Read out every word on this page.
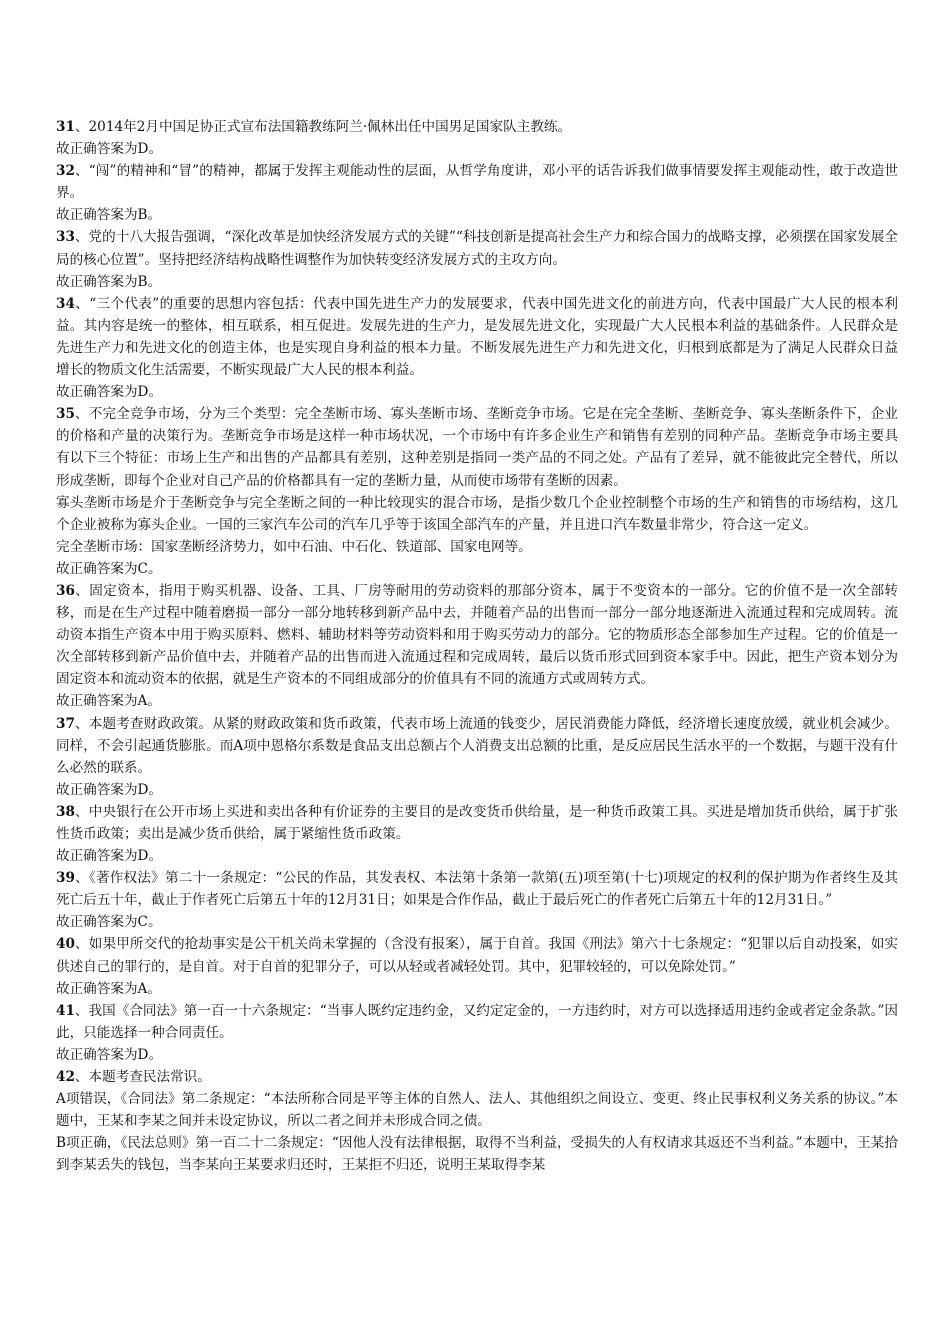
31、2014年2月中国足协正式宣布法国籍教练阿兰·佩林出任中国男足国家队主教练。

故正确答案为D。

32、“闯”的精神和“冒”的精神，都属于发挥主观能动性的层面，从哲学角度讲，邓小平的话告诉我们做事情要发挥主观能动性，敢于改造世界。

故正确答案为B。

33、党的十八大报告强调，“深化改革是加快经济发展方式的关键”“科技创新是提高社会生产力和综合国力的战略支撑，必须摆在国家发展全局的核心位置”。坚持把经济结构战略性调整作为加快转变经济发展方式的主攻方向。

故正确答案为B。

34、“三个代表”的重要的思想内容包括：代表中国先进生产力的发展要求，代表中国先进文化的前进方向，代表中国最广大人民的根本利益。其内容是统一的整体，相互联系，相互促进。发展先进的生产力，是发展先进文化，实现最广大人民根本利益的基础条件。人民群众是先进生产力和先进文化的创造主体，也是实现自身利益的根本力量。不断发展先进生产力和先进文化，归根到底都是为了满足人民群众日益增长的物质文化生活需要，不断实现最广大人民的根本利益。

故正确答案为D。

35、不完全竞争市场，分为三个类型：完全垄断市场、寡头垄断市场、垄断竞争市场。它是在完全垄断、垄断竞争、寡头垄断条件下，企业的价格和产量的决策行为。垄断竞争市场是这样一种市场状况，一个市场中有许多企业生产和销售有差别的同种产品。垄断竞争市场主要具有以下三个特征：市场上生产和出售的产品都具有差别，这种差别是指同一类产品的不同之处。产品有了差异，就不能彼此完全替代，所以形成垄断，即每个企业对自己产品的价格都具有一定的垄断力量，从而使市场带有垄断的因素。

寡头垄断市场是介于垄断竞争与完全垄断之间的一种比较现实的混合市场，是指少数几个企业控制整个市场的生产和销售的市场结构，这几个企业被称为寡头企业。一国的三家汽车公司的汽车几乎等于该国全部汽车的产量，并且进口汽车数量非常少，符合这一定义。

完全垄断市场：国家垄断经济势力，如中石油、中石化、铁道部、国家电网等。

故正确答案为C。

36、固定资本，指用于购买机器、设备、工具、厂房等耐用的劳动资料的那部分资本，属于不变资本的一部分。它的价值不是一次全部转移，而是在生产过程中随着磨损一部分一部分地转移到新产品中去，并随着产品的出售而一部分一部分地逐渐进入流通过程和完成周转。流动资本指生产资本中用于购买原料、燃料、辅助材料等劳动资料和用于购买劳动力的部分。它的物质形态全部参加生产过程。它的价值是一次全部转移到新产品价值中去，并随着产品的出售而进入流通过程和完成周转，最后以货币形式回到资本家手中。因此，把生产资本划分为固定资本和流动资本的依据，就是生产资本的不同组成部分的价值具有不同的流通方式或周转方式。

故正确答案为A。

37、本题考查财政政策。从紧的财政政策和货币政策，代表市场上流通的钱变少，居民消费能力降低，经济增长速度放缓，就业机会减少。同样，不会引起通货膨胀。而A项中恩格尔系数是食品支出总额占个人消费支出总额的比重，是反应居民生活水平的一个数据，与题干没有什么必然的联系。

故正确答案为D。

38、中央银行在公开市场上买进和卖出各种有价证券的主要目的是改变货币供给量，是一种货币政策工具。买进是增加货币供给，属于扩张性货币政策；卖出是减少货币供给，属于紧缩性货币政策。

故正确答案为D。

39、《著作权法》第二十一条规定：“公民的作品，其发表权、本法第十条第一款第(五)项至第(十七)项规定的权利的保护期为作者终生及其死亡后五十年，截止于作者死亡后第五十年的12月31日；如果是合作作品，截止于最后死亡的作者死亡后第五十年的12月31日。”

故正确答案为C。

40、如果甲所交代的抢劫事实是公干机关尚未掌握的（含没有报案），属于自首。我国《刑法》第六十七条规定：“犯罪以后自动投案，如实供述自己的罪行的，是自首。对于自首的犯罪分子，可以从轻或者减轻处罚。其中，犯罪较轻的，可以免除处罚。”

故正确答案为A。

41、我国《合同法》第一百一十六条规定：“当事人既约定违约金，又约定定金的，一方违约时，对方可以选择适用违约金或者定金条款。”因此，只能选择一种合同责任。

故正确答案为D。

42、本题考查民法常识。

A项错误，《合同法》第二条规定：“本法所称合同是平等主体的自然人、法人、其他组织之间设立、变更、终止民事权利义务关系的协议。”本题中，王某和李某之间并未设定协议，所以二者之间并未形成合同之债。

B项正确，《民法总则》第一百二十二条规定：“因他人没有法律根据，取得不当利益，受损失的人有权请求其返还不当利益。”本题中，王某拾到李某丢失的钱包，当李某向王某要求归还时，王某拒不归还，说明王某取得李某
